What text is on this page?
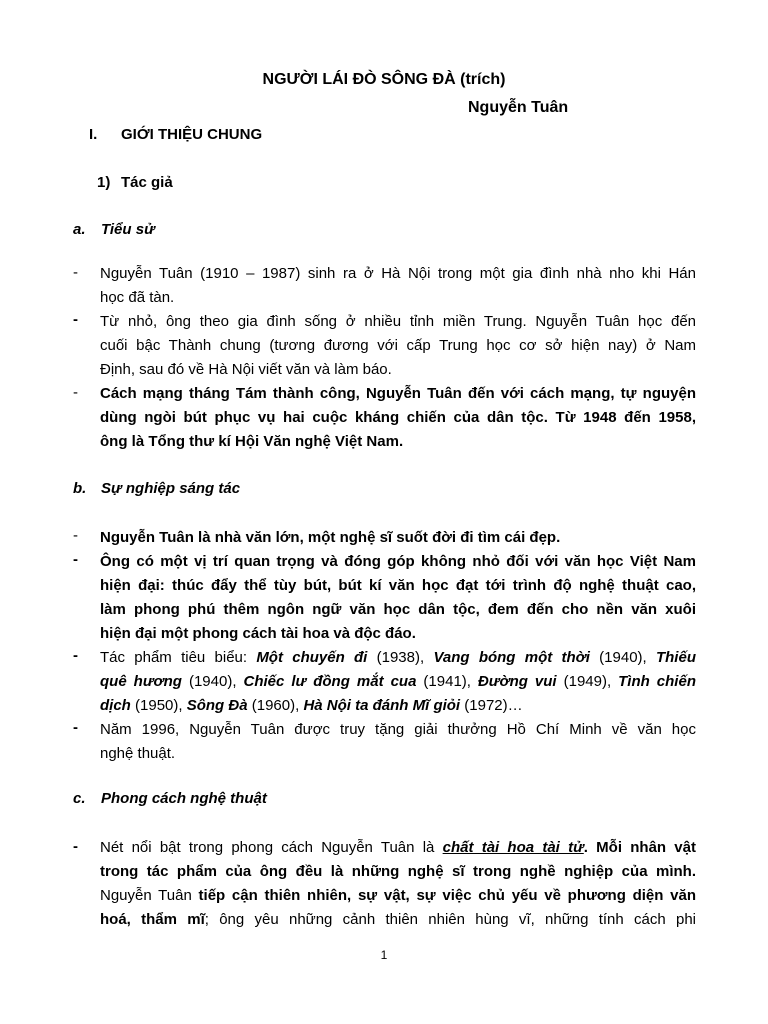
NGƯỜI LÁI ĐÒ SÔNG ĐÀ (trích)
Nguyễn Tuân
I. GIỚI THIỆU CHUNG
1) Tác giả
a. Tiểu sử
- Nguyễn Tuân (1910 – 1987) sinh ra ở Hà Nội trong một gia đình nhà nho khi Hán
học đã tàn.
- Từ nhỏ, ông theo gia đình sống ở nhiều tỉnh miền Trung. Nguyễn Tuân học đến
cuối bậc Thành chung (tương đương với cấp Trung học cơ sở hiện nay) ở Nam
Định, sau đó về Hà Nội viết văn và làm báo.
- Cách mạng tháng Tám thành công, Nguyễn Tuân đến với cách mạng, tự nguyện
dùng ngòi bút phục vụ hai cuộc kháng chiến của dân tộc. Từ 1948 đến 1958,
ông là Tổng thư kí Hội Văn nghệ Việt Nam.
b. Sự nghiệp sáng tác
- Nguyễn Tuân là nhà văn lớn, một nghệ sĩ suốt đời đi tìm cái đẹp.
- Ông có một vị trí quan trọng và đóng góp không nhỏ đối với văn học Việt Nam
hiện đại: thúc đẩy thể tùy bút, bút kí văn học đạt tới trình độ nghệ thuật cao,
làm phong phú thêm ngôn ngữ văn học dân tộc, đem đến cho nền văn xuôi
hiện đại một phong cách tài hoa và độc đáo.
- Tác phẩm tiêu biểu: Một chuyến đi (1938), Vang bóng một thời (1940), Thiếu
quê hương (1940), Chiếc lư đồng mắt cua (1941), Đường vui (1949), Tình chiến
dịch (1950), Sông Đà (1960), Hà Nội ta đánh Mĩ giỏi (1972)…
- Năm 1996, Nguyễn Tuân được truy tặng giải thưởng Hồ Chí Minh về văn học
nghệ thuật.
c. Phong cách nghệ thuật
- Nét nổi bật trong phong cách Nguyễn Tuân là chất tài hoa tài tử. Mỗi nhân vật
trong tác phẩm của ông đều là những nghệ sĩ trong nghề nghiệp của mình.
Nguyễn Tuân tiếp cận thiên nhiên, sự vật, sự việc chủ yếu về phương diện văn
hoá, thẩm mĩ; ông yêu những cảnh thiên nhiên hùng vĩ, những tính cách phi
1
